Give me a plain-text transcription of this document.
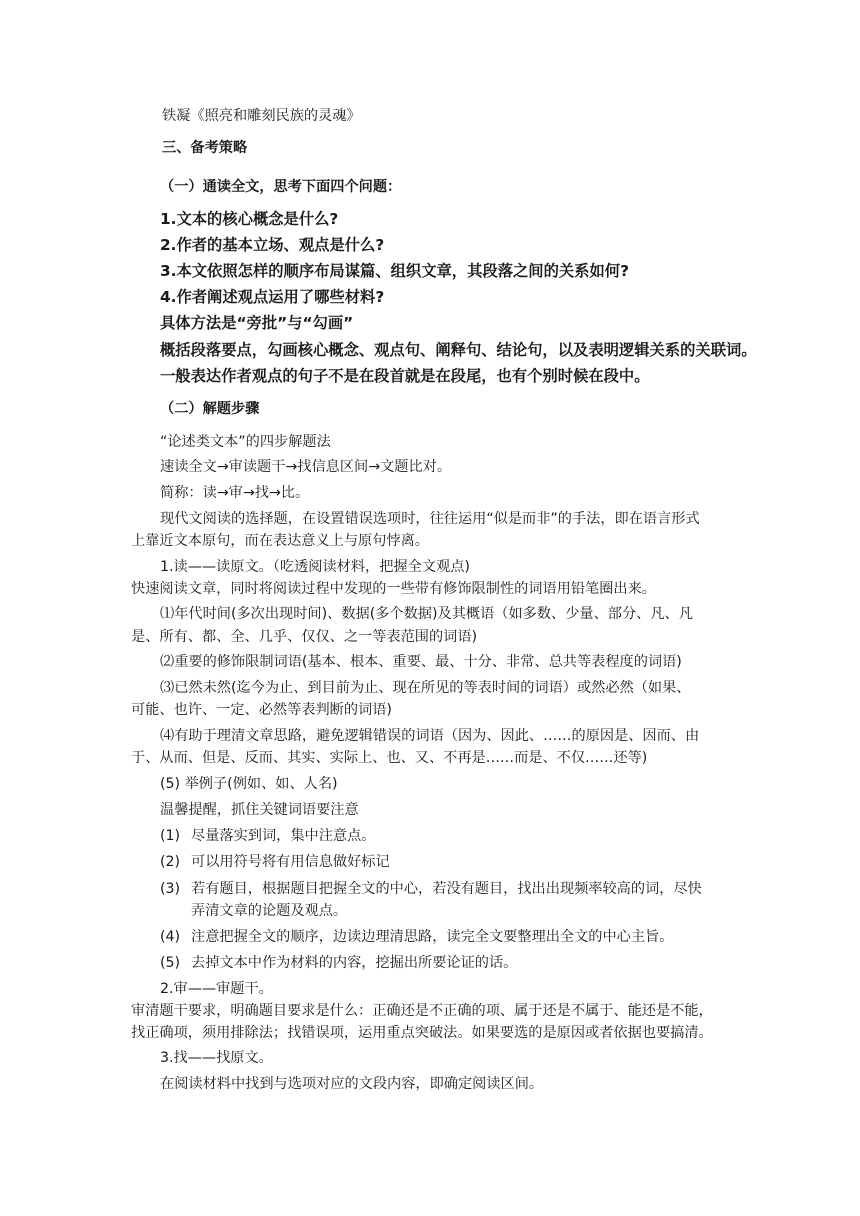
铁凝《照亮和雕刻民族的灵魂》

三、备考策略

（一）通读全文，思考下面四个问题：

1.文本的核心概念是什么?

2.作者的基本立场、观点是什么?

3.本文依照怎样的顺序布局谋篇、组织文章，其段落之间的关系如何?

4.作者阐述观点运用了哪些材料?

具体方法是“旁批”与“勾画”

概括段落要点，勾画核心概念、观点句、阐释句、结论句，以及表明逻辑关系的关联词。

一般表达作者观点的句子不是在段首就是在段尾，也有个别时候在段中。

（二）解题步骤

“论述类文本”的四步解题法

速读全文→审读题干→找信息区间→文题比对。

简称：读→审→找→比。

现代文阅读的选择题，在设置错误选项时，往往运用“似是而非”的手法，即在语言形式

上靠近文本原句，而在表达意义上与原句悖离。

1.读——读原文。（吃透阅读材料，把握全文观点)

快速阅读文章，同时将阅读过程中发现的一些带有修饰限制性的词语用铅笔圈出来。

⑴年代时间(多次出现时间)、数据(多个数据)及其概语（如多数、少量、部分、凡、凡

是、所有、都、全、几乎、仅仅、之一等表范围的词语)

⑵重要的修饰限制词语(基本、根本、重要、最、十分、非常、总共等表程度的词语)

⑶已然未然(迄今为止、到目前为止、现在所见的等表时间的词语）或然必然（如果、

可能、也许、一定、必然等表判断的词语)

⑷有助于理清文章思路，避免逻辑错误的词语（因为、因此、……的原因是、因而、由

于、从而、但是、反而、其实、实际上、也、又、不再是……而是、不仅……还等)

(5) 举例子(例如、如、人名)

温馨提醒，抓住关键词语要注意

(1) 尽量落实到词，集中注意点。

(2) 可以用符号将有用信息做好标记

(3) 若有题目，根据题目把握全文的中心，若没有题目，找出出现频率较高的词，尽快

弄清文章的论题及观点。

(4) 注意把握全文的顺序，边读边理清思路，读完全文要整理出全文的中心主旨。

(5) 去掉文本中作为材料的内容，挖掘出所要论证的话。

2.审——审题干。

审清题干要求，明确题目要求是什么：正确还是不正确的项、属于还是不属于、能还是不能，

找正确项，须用排除法；找错误项，运用重点突破法。如果要选的是原因或者依据也要搞清。

3.找——找原文。

在阅读材料中找到与选项对应的文段内容，即确定阅读区间。
